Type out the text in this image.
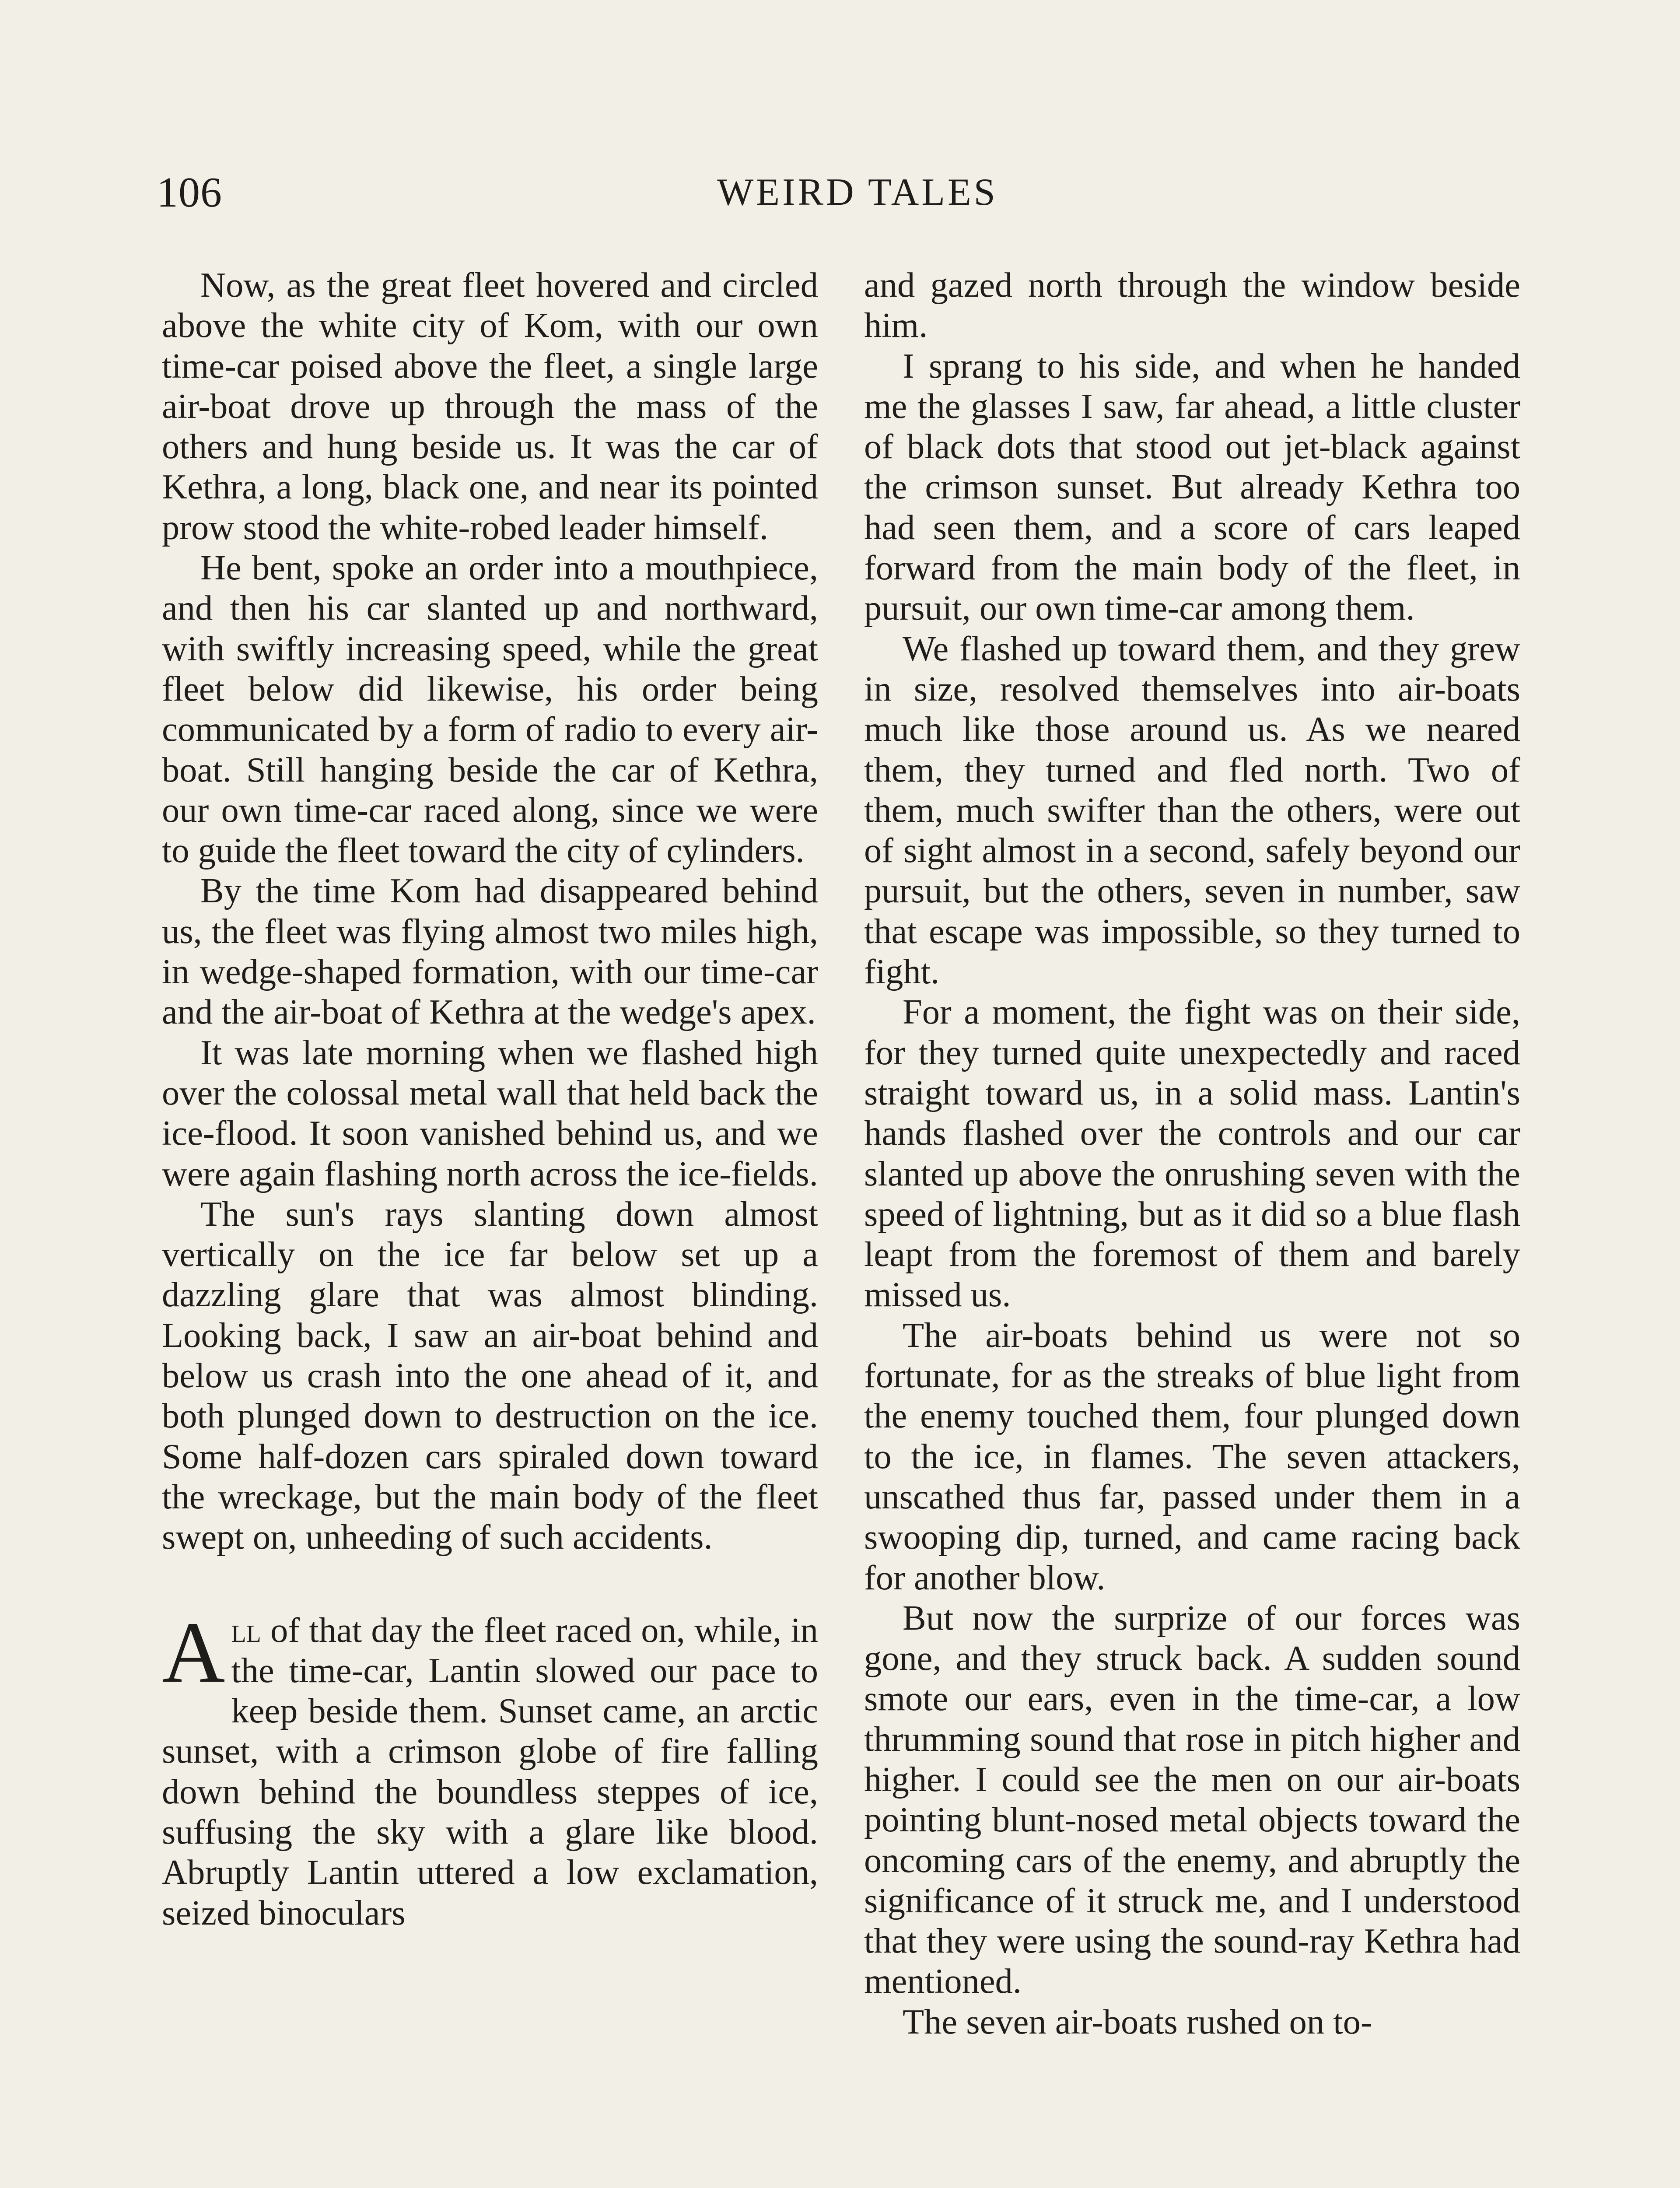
106	WEIRD TALES

Now, as the great fleet hovered and circled above the white city of Kom, with our own time-car poised above the fleet, a single large air-boat drove up through the mass of the others and hung beside us. It was the car of Kethra, a long, black one, and near its pointed prow stood the white-robed leader himself.

He bent, spoke an order into a mouthpiece, and then his car slanted up and northward, with swiftly increasing speed, while the great fleet below did likewise, his order being communicated by a form of radio to every air-boat. Still hanging beside the car of Kethra, our own time-car raced along, since we were to guide the fleet toward the city of cylinders.

By the time Kom had disappeared behind us, the fleet was flying almost two miles high, in wedge-shaped formation, with our time-car and the air-boat of Kethra at the wedge's apex.

It was late morning when we flashed high over the colossal metal wall that held back the ice-flood. It soon vanished behind us, and we were again flashing north across the ice-fields.

The sun's rays slanting down almost vertically on the ice far below set up a dazzling glare that was almost blinding. Looking back, I saw an air-boat behind and below us crash into the one ahead of it, and both plunged down to destruction on the ice. Some half-dozen cars spiraled down toward the wreckage, but the main body of the fleet swept on, unheeding of such accidents.

All of that day the fleet raced on, while, in the time-car, Lantin slowed our pace to keep beside them. Sunset came, an arctic sunset, with a crimson globe of fire falling down behind the boundless steppes of ice, suffusing the sky with a glare like blood. Abruptly Lantin uttered a low exclamation, seized binoculars

and gazed north through the window beside him.

I sprang to his side, and when he handed me the glasses I saw, far ahead, a little cluster of black dots that stood out jet-black against the crimson sunset. But already Kethra too had seen them, and a score of cars leaped forward from the main body of the fleet, in pursuit, our own time-car among them.

We flashed up toward them, and they grew in size, resolved themselves into air-boats much like those around us. As we neared them, they turned and fled north. Two of them, much swifter than the others, were out of sight almost in a second, safely beyond our pursuit, but the others, seven in number, saw that escape was impossible, so they turned to fight.

For a moment, the fight was on their side, for they turned quite unexpectedly and raced straight toward us, in a solid mass. Lantin's hands flashed over the controls and our car slanted up above the onrushing seven with the speed of lightning, but as it did so a blue flash leapt from the foremost of them and barely missed us.

The air-boats behind us were not so fortunate, for as the streaks of blue light from the enemy touched them, four plunged down to the ice, in flames. The seven attackers, unscathed thus far, passed under them in a swooping dip, turned, and came racing back for another blow.

But now the surprize of our forces was gone, and they struck back. A sudden sound smote our ears, even in the time-car, a low thrumming sound that rose in pitch higher and higher. I could see the men on our air-boats pointing blunt-nosed metal objects toward the oncoming cars of the enemy, and abruptly the significance of it struck me, and I understood that they were using the sound-ray Kethra had mentioned.

The seven air-boats rushed on to-
